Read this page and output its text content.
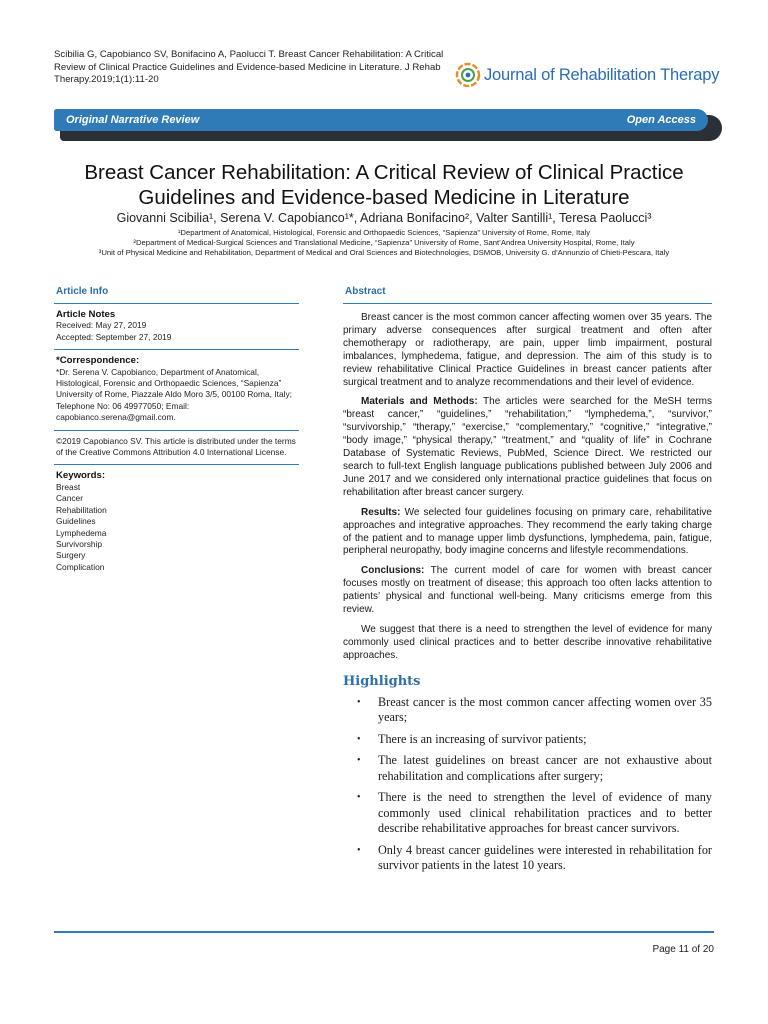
Scibilia G, Capobianco SV, Bonifacino A, Paolucci T. Breast Cancer Rehabilitation: A Critical Review of Clinical Practice Guidelines and Evidence-based Medicine in Literature. J Rehab Therapy.2019;1(1):11-20	Journal of Rehabilitation Therapy
Original Narrative Review	Open Access
Breast Cancer Rehabilitation: A Critical Review of Clinical Practice Guidelines and Evidence-based Medicine in Literature
Giovanni Scibilia¹, Serena V. Capobianco¹*, Adriana Bonifacino², Valter Santilli¹, Teresa Paolucci³
¹Department of Anatomical, Histological, Forensic and Orthopaedic Sciences, “Sapienza” University of Rome, Rome, Italy
²Department of Medical-Surgical Sciences and Translational Medicine, “Sapienza” University of Rome, Sant’Andrea University Hospital, Rome, Italy
³Unit of Physical Medicine and Rehabilitation, Department of Medical and Oral Sciences and Biotechnologies, DSMOB, University G. d’Annunzio of Chieti-Pescara, Italy
Article Info
Article Notes
Received: May 27, 2019
Accepted: September 27, 2019
*Correspondence:
*Dr. Serena V. Capobianco, Department of Anatomical, Histological, Forensic and Orthopaedic Sciences, “Sapienza” University of Rome, Piazzale Aldo Moro 3/5, 00100 Roma, Italy; Telephone No: 06 49977050; Email: capobianco.serena@gmail.com.
©2019 Capobianco SV. This article is distributed under the terms of the Creative Commons Attribution 4.0 International License.
Keywords:
Breast
Cancer
Rehabilitation
Guidelines
Lymphedema
Survivorship
Surgery
Complication
Abstract

Breast cancer is the most common cancer affecting women over 35 years. The primary adverse consequences after surgical treatment and often after chemotherapy or radiotherapy, are pain, upper limb impairment, postural imbalances, lymphedema, fatigue, and depression. The aim of this study is to review rehabilitative Clinical Practice Guidelines in breast cancer patients after surgical treatment and to analyze recommendations and their level of evidence.

Materials and Methods: The articles were searched for the MeSH terms “breast cancer,” “guidelines,” “rehabilitation,” “lymphedema,”, “survivor,” “survivorship,” “therapy,” “exercise,” “complementary,” “cognitive,” “integrative,” “body image,” “physical therapy,” “treatment,” and “quality of life” in Cochrane Database of Systematic Reviews, PubMed, Science Direct. We restricted our search to full-text English language publications published between July 2006 and June 2017 and we considered only international practice guidelines that focus on rehabilitation after breast cancer surgery.

Results: We selected four guidelines focusing on primary care, rehabilitative approaches and integrative approaches. They recommend the early taking charge of the patient and to manage upper limb dysfunctions, lymphedema, pain, fatigue, peripheral neuropathy, body imagine concerns and lifestyle recommendations.

Conclusions: The current model of care for women with breast cancer focuses mostly on treatment of disease; this approach too often lacks attention to patients’ physical and functional well-being. Many criticisms emerge from this review.

We suggest that there is a need to strengthen the level of evidence for many commonly used clinical practices and to better describe innovative rehabilitative approaches.

Highlights
• Breast cancer is the most common cancer affecting women over 35 years;
• There is an increasing of survivor patients;
• The latest guidelines on breast cancer are not exhaustive about rehabilitation and complications after surgery;
• There is the need to strengthen the level of evidence of many commonly used clinical rehabilitation practices and to better describe rehabilitative approaches for breast cancer survivors.
• Only 4 breast cancer guidelines were interested in rehabilitation for survivor patients in the latest 10 years.
Page 11 of 20
